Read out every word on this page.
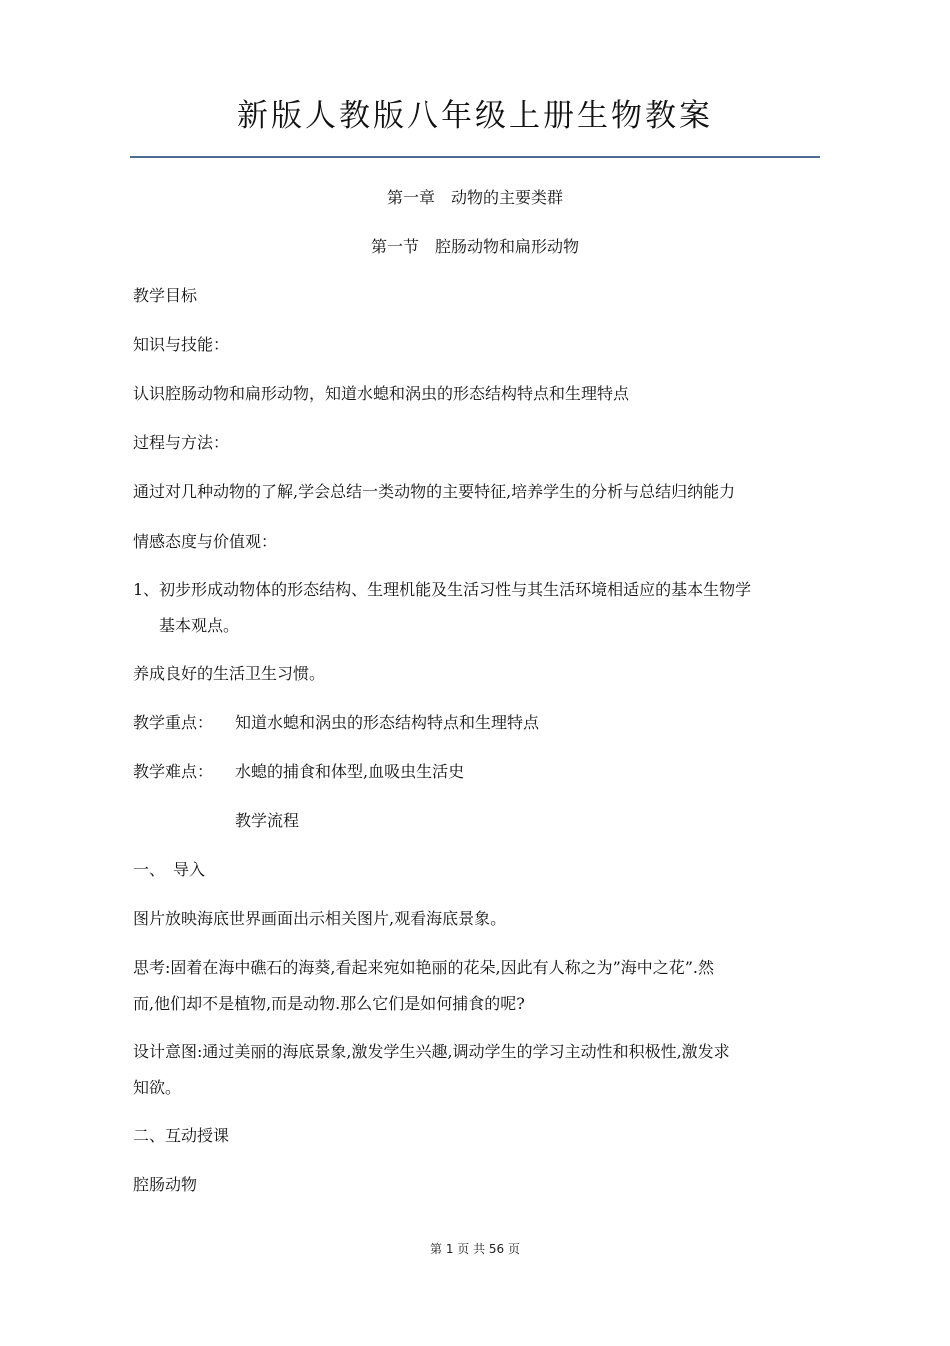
新版人教版八年级上册生物教案
第一章　动物的主要类群
第一节　腔肠动物和扁形动物
教学目标
知识与技能：
认识腔肠动物和扁形动物，知道水螅和涡虫的形态结构特点和生理特点
过程与方法：
通过对几种动物的了解,学会总结一类动物的主要特征,培养学生的分析与总结归纳能力
情感态度与价值观：
1、初步形成动物体的形态结构、生理机能及生活习性与其生活环境相适应的基本生物学
基本观点。
养成良好的生活卫生习惯。
教学重点： 知道水螅和涡虫的形态结构特点和生理特点
教学难点： 水螅的捕食和体型,血吸虫生活史
教学流程
一、　导入
图片放映海底世界画面出示相关图片,观看海底景象。
思考:固着在海中礁石的海葵,看起来宛如艳丽的花朵,因此有人称之为”海中之花”.然
而,他们却不是植物,而是动物.那么它们是如何捕食的呢?
设计意图:通过美丽的海底景象,激发学生兴趣,调动学生的学习主动性和积极性,激发求
知欲。
二、互动授课
腔肠动物
第 1 页 共 56 页
